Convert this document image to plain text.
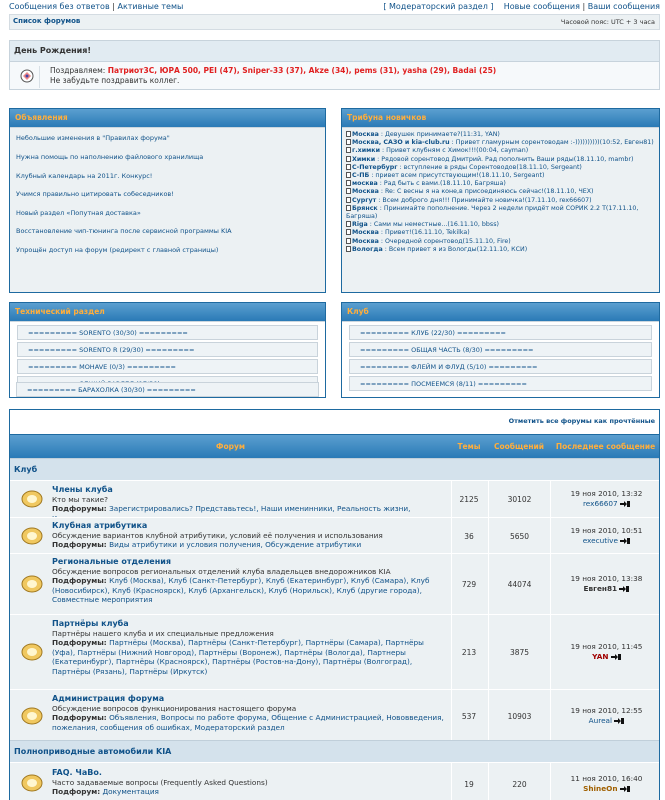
Сообщения без ответов | Активные темы	[ Модераторский раздел ] Новые сообщения | Ваши сообщения
Список форумов	Часовой пояс: UTC + 3 часа
День Рождения!
Поздравляем: Патриот3С, ЮРА 500, PEI (47), Sniper-33 (37), Akze (34), pems (31), yasha (29), Badai (25)
Не забудьте поздравить коллег.
Объявления
Небольшие изменения в "Правилах форума"
Нужна помощь по наполнению файлового хранилища
Клубный календарь на 2011г. Конкурс!
Учимся правильно цитировать собеседников!
Новый раздел «Попутная доставка»
Восстановление чип-тюнинга после сервисной программы KIA
Упрощён доступ на форум (редирект с главной страницы)
Трибуна новичков
Москва : Девушек принимаете?(11:31, YAN)
Москва, САЗО и kia-club.ru : Привет гламурным сорентоводам :-))))))))))(10:52, Евген81)
г.химки : Привет клубням с Химок!!!(00:04, cayman)
Химки : Рядовой сорентовод Дмитрий. Рад пополнить Ваши ряды(18.11.10, mambr)
С-Петербург : вступление в ряды Сорентоводов(18.11.10, Sergeant)
С-ПБ : привет всем присутствующим!(18.11.10, Sergeant)
москва : Рад быть с вами.(18.11.10, Багряша)
Москва : Re: С весны я на коне,в присоединяюсь сейчас!(18.11.10, ЧЕХ)
Сургут : Всем доброго дня!!! Принимайте новичка!(17.11.10, rex66607)
Брянск : Принимайте пополнение. Через 2 недели придёт мой СОРИК 2.2 Т(17.11.10, Багряша)
Riga : Сами мы неместные...(16.11.10, bbss)
Москва : Привет!(16.11.10, Tekilka)
Москва : Очередной сорентовод(15.11.10, Fire)
Вологда : Всем привет я из Вологды(12.11.10, КСИ)
Технический раздел
========= SORENTO (30/30) =========
========= SORENTO R (29/30) =========
========= MOHAVE (0/3) =========
========= БАРАХОЛКА (30/30) =========
Клуб
========= КЛУБ (22/30) =========
========= ОБЩАЯ ЧАСТЬ (8/30) =========
========= ФЛЕЙМ И ФЛУД (5/10) =========
========= ПОСМЕЕМСЯ (8/11) =========
Отметить все форумы как прочтённые
Форум	Темы	Сообщений	Последнее сообщение
Клуб
Члены клуба
Кто мы такие?
Подфорумы: Зарегистрировались? Представьтесь!, Наши именинники, Реальность жизни,
2125	30102
19 ноя 2010, 13:32
rex66607
Клубная атрибутика
Обсуждение вариантов клубной атрибутики, условий её получения и использования
Подфорумы: Виды атрибутики и условия получения, Обсуждение атрибутики
36	5650
19 ноя 2010, 10:51
executive
Региональные отделения
Обсуждение вопросов региональных отделений клуба владельцев внедорожников KIA
Подфорумы: Клуб (Москва), Клуб (Санкт-Петербург), Клуб (Екатеринбург), Клуб (Самара), Клуб (Новосибирск), Клуб (Красноярск), Клуб (Архангельск), Клуб (Норильск), Клуб (другие города), Совместные мероприятия
729	44074
19 ноя 2010, 13:38
Евген81
Партнёры клуба
Партнёры нашего клуба и их специальные предложения
Подфорумы: Партнёры (Москва), Партнёры (Санкт-Петербург), Партнёры (Самара), Партнёры (Уфа), Партнёры (Нижний Новгород), Партнёры (Воронеж), Партнёры (Вологда), Партнеры (Екатеринбург), Партнёры (Красноярск), Партнёры (Ростов-на-Дону), Партнёры (Волгоград), Партнёры (Рязань), Партнёры (Иркутск)
213	3875
19 ноя 2010, 11:45
YAN
Администрация форума
Обсуждение вопросов функционирования настоящего форума
Подфорумы: Объявления, Вопросы по работе форума, Общение с Администрацией, Нововведения, пожелания, сообщения об ошибках, Модераторский раздел
537	10903
19 ноя 2010, 12:55
Aureal
Полноприводные автомобили KIA
FAQ. ЧаВо.
Часто задаваемые вопросы (Frequently Asked Questions)
Подфорум: Документация
19	220
11 ноя 2010, 16:40
ShineOn
